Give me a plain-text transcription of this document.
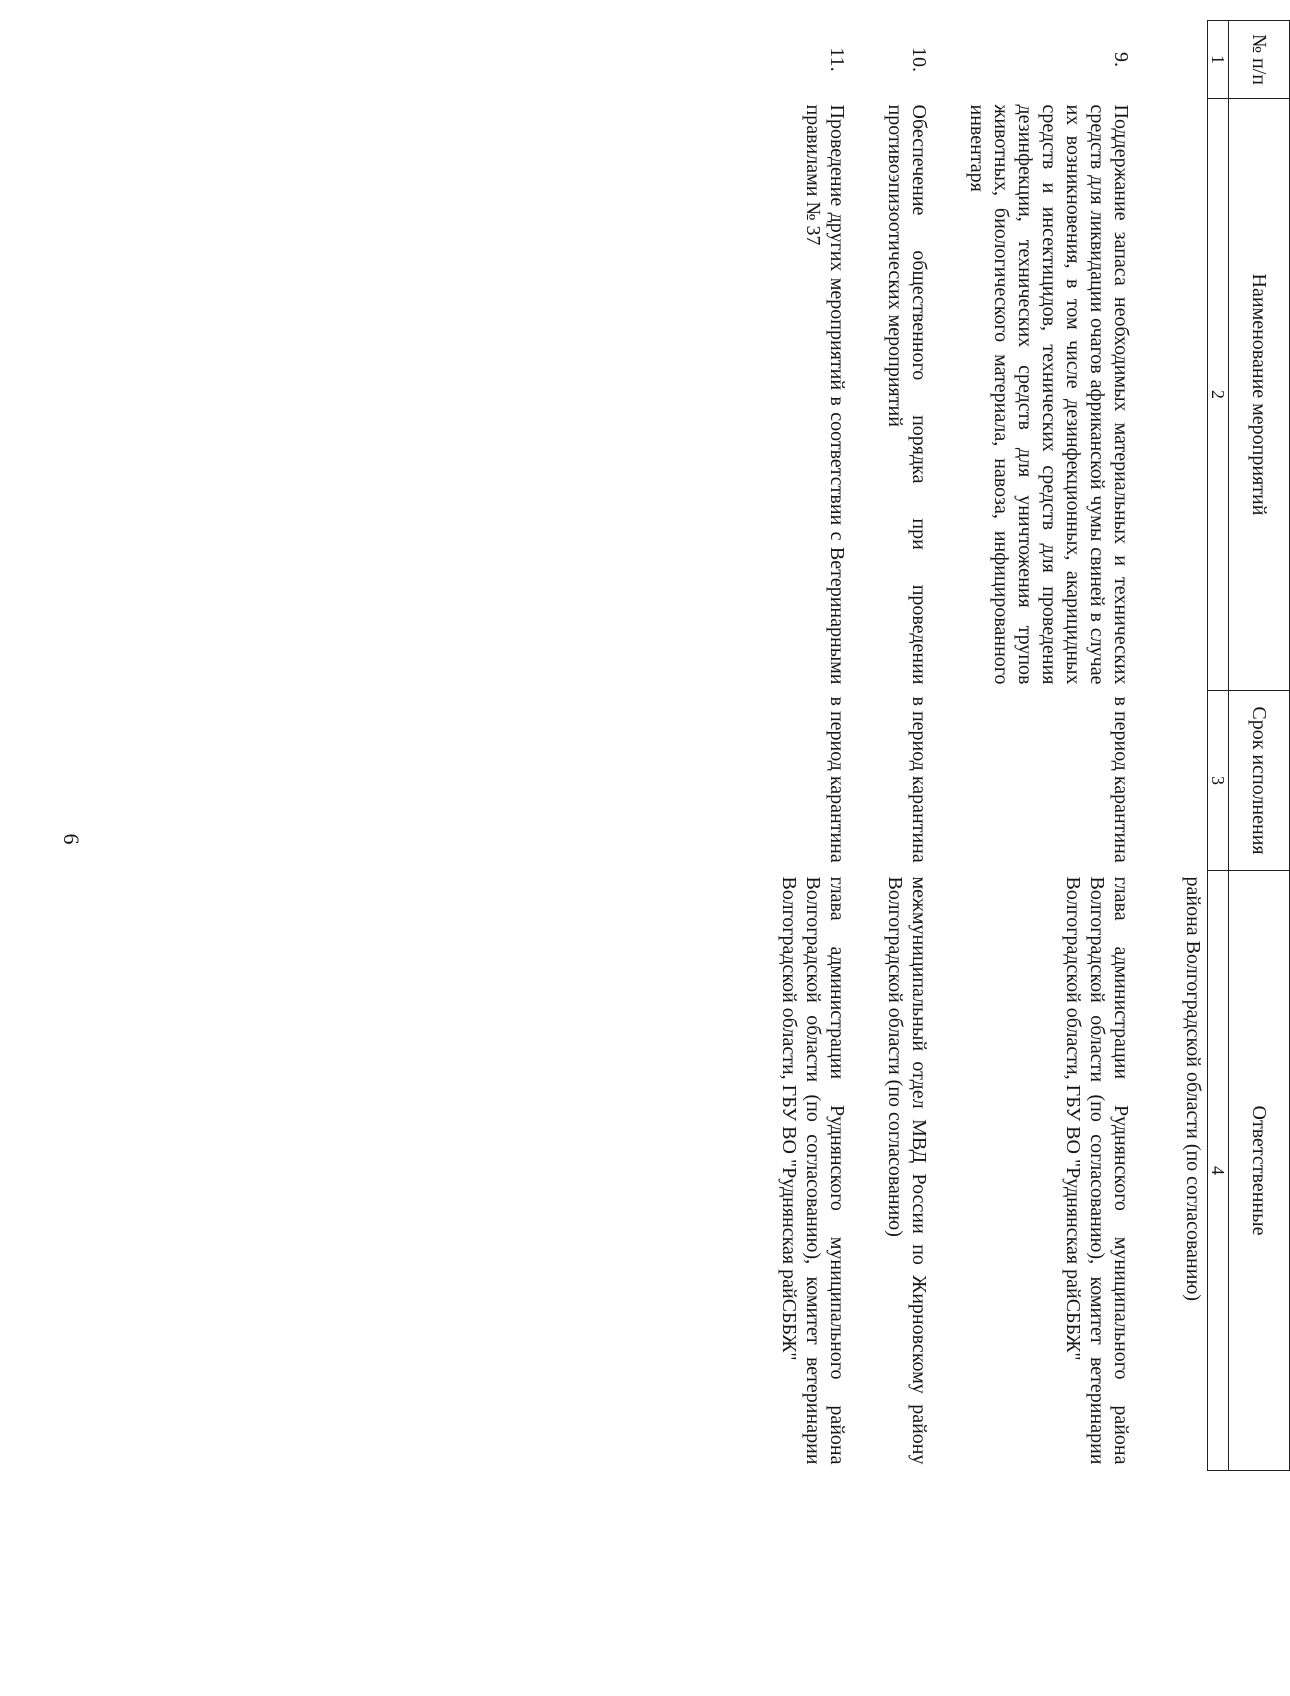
6
№ п/п	Наименование мероприятий	Срок исполнения	Ответственные
1	2	3	4
			района Волгоградской области (по согласованию)

9.	Поддержание запаса необходимых материальных и технических средств для ликвидации очагов африканской чумы свиней в случае их возникновения, в том числе дезинфекционных, акарицидных средств и инсектицидов, технических средств для проведения дезинфекции, технических средств для уничтожения трупов животных, биологического материала, навоза, инфицированного инвентаря	в период карантина	глава администрации Руднянского муниципального района Волгоградской области (по согласованию), комитет ветеринарии Волгоградской области, ГБУ ВО "Руднянская райСББЖ"

10.	Обеспечение общественного порядка при проведении противоэпизоотических мероприятий	в период карантина	межмуниципальный отдел МВД России по Жирновскому району Волгоградской области (по согласованию)

11.	Проведение других мероприятий в соответствии с Ветеринарными правилами № 37	в период карантина	глава администрации Руднянского муниципального района Волгоградской области (по согласованию), комитет ветеринарии Волгоградской области, ГБУ ВО "Руднянская райСББЖ"
